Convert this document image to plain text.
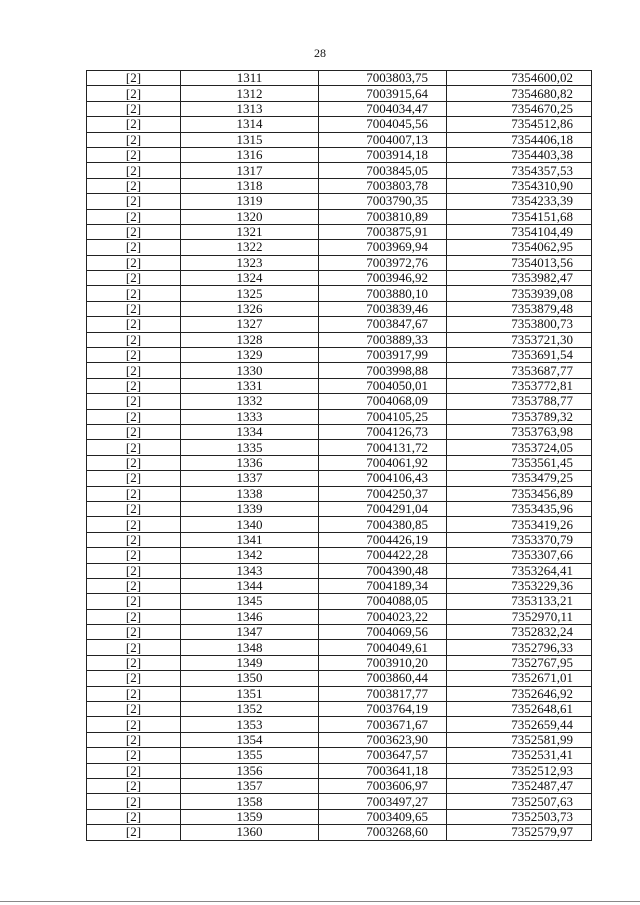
28
[2]	1311	7003803,75	7354600,02
[2]	1312	7003915,64	7354680,82
[2]	1313	7004034,47	7354670,25
[2]	1314	7004045,56	7354512,86
[2]	1315	7004007,13	7354406,18
[2]	1316	7003914,18	7354403,38
[2]	1317	7003845,05	7354357,53
[2]	1318	7003803,78	7354310,90
[2]	1319	7003790,35	7354233,39
[2]	1320	7003810,89	7354151,68
[2]	1321	7003875,91	7354104,49
[2]	1322	7003969,94	7354062,95
[2]	1323	7003972,76	7354013,56
[2]	1324	7003946,92	7353982,47
[2]	1325	7003880,10	7353939,08
[2]	1326	7003839,46	7353879,48
[2]	1327	7003847,67	7353800,73
[2]	1328	7003889,33	7353721,30
[2]	1329	7003917,99	7353691,54
[2]	1330	7003998,88	7353687,77
[2]	1331	7004050,01	7353772,81
[2]	1332	7004068,09	7353788,77
[2]	1333	7004105,25	7353789,32
[2]	1334	7004126,73	7353763,98
[2]	1335	7004131,72	7353724,05
[2]	1336	7004061,92	7353561,45
[2]	1337	7004106,43	7353479,25
[2]	1338	7004250,37	7353456,89
[2]	1339	7004291,04	7353435,96
[2]	1340	7004380,85	7353419,26
[2]	1341	7004426,19	7353370,79
[2]	1342	7004422,28	7353307,66
[2]	1343	7004390,48	7353264,41
[2]	1344	7004189,34	7353229,36
[2]	1345	7004088,05	7353133,21
[2]	1346	7004023,22	7352970,11
[2]	1347	7004069,56	7352832,24
[2]	1348	7004049,61	7352796,33
[2]	1349	7003910,20	7352767,95
[2]	1350	7003860,44	7352671,01
[2]	1351	7003817,77	7352646,92
[2]	1352	7003764,19	7352648,61
[2]	1353	7003671,67	7352659,44
[2]	1354	7003623,90	7352581,99
[2]	1355	7003647,57	7352531,41
[2]	1356	7003641,18	7352512,93
[2]	1357	7003606,97	7352487,47
[2]	1358	7003497,27	7352507,63
[2]	1359	7003409,65	7352503,73
[2]	1360	7003268,60	7352579,97
